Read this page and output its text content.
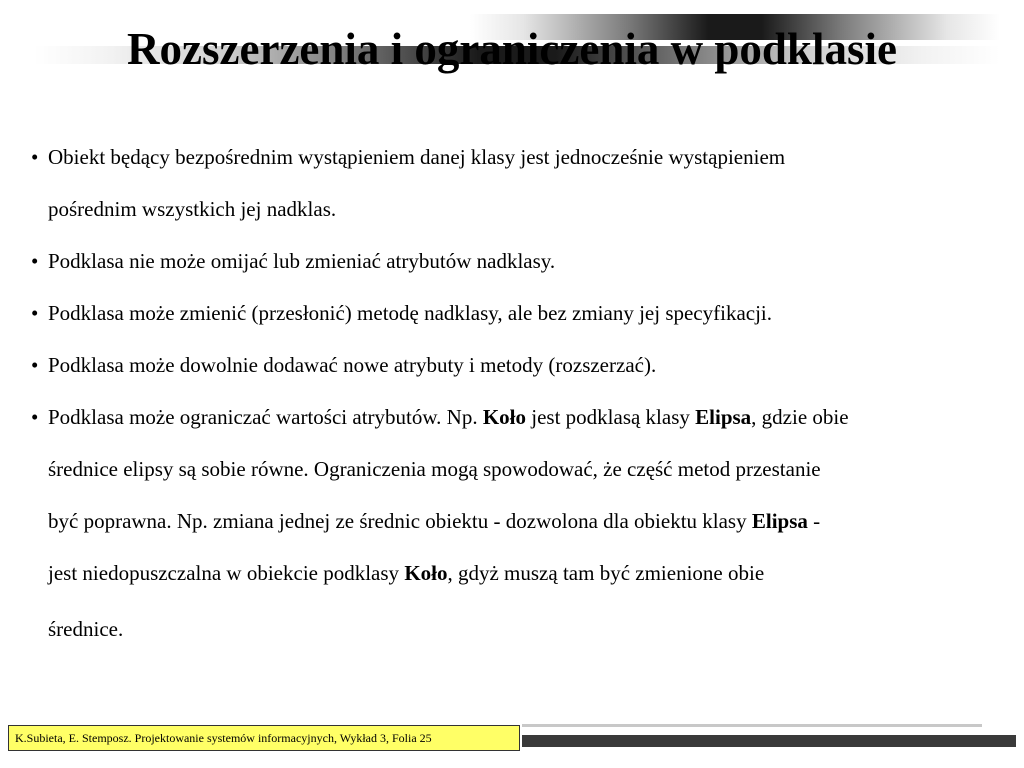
Rozszerzenia i ograniczenia w podklasie
• Obiekt będący bezpośrednim wystąpieniem danej klasy jest jednocześnie wystąpieniem
pośrednim wszystkich jej nadklas.
• Podklasa nie może omijać lub zmieniać atrybutów nadklasy.
• Podklasa może zmienić (przesłonić) metodę nadklasy, ale bez zmiany jej specyfikacji.
• Podklasa może dowolnie dodawać nowe atrybuty i metody (rozszerzać).
• Podklasa może ograniczać wartości atrybutów. Np. Koło jest podklasą klasy Elipsa, gdzie obie
średnice elipsy są sobie równe. Ograniczenia mogą spowodować, że część metod przestanie
być poprawna. Np. zmiana jednej ze średnic obiektu - dozwolona dla obiektu klasy Elipsa -
jest niedopuszczalna w obiekcie podklasy Koło, gdyż muszą tam być zmienione obie
średnice.
K.Subieta, E. Stemposz. Projektowanie systemów informacyjnych, Wykład 3, Folia 25
